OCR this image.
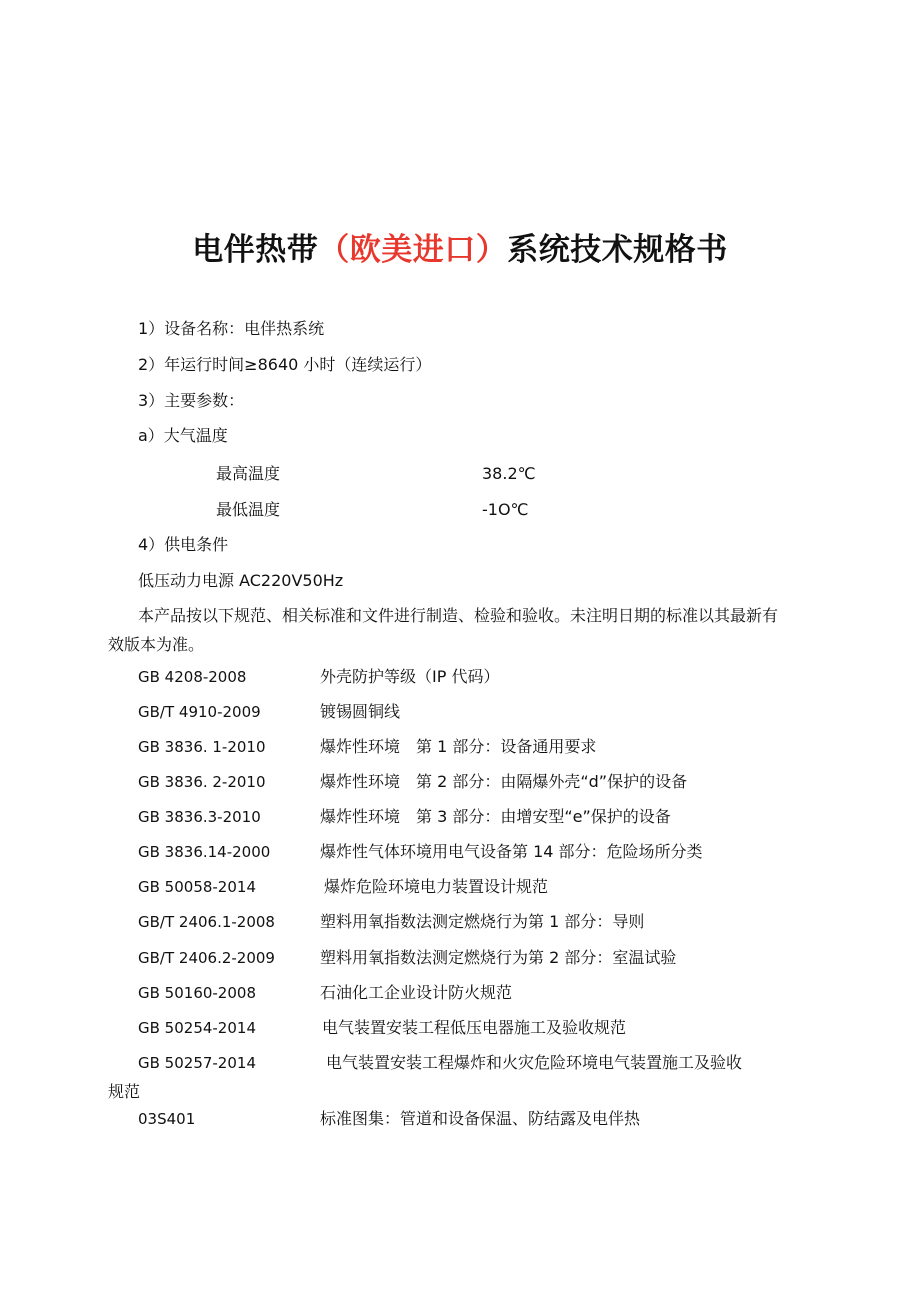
电伴热带（欧美进口）系统技术规格书
1）设备名称：电伴热系统
2）年运行时间≥8640 小时（连续运行）
3）主要参数：
a）大气温度
最高温度	38.2℃
最低温度	-1O℃
4）供电条件
低压动力电源 AC220V50Hz
本产品按以下规范、相关标准和文件进行制造、检验和验收。未注明日期的标准以其最新有效版本为准。
GB 4208-2008	外壳防护等级（IP 代码）
GB/T 4910-2009	镀锡圆铜线
GB 3836. 1-2010	爆炸性环境　第 1 部分：设备通用要求
GB 3836. 2-2010	爆炸性环境　第 2 部分：由隔爆外壳“d”保护的设备
GB 3836.3-2010	爆炸性环境　第 3 部分：由增安型“e”保护的设备
GB 3836.14-2000	爆炸性气体环境用电气设备第 14 部分：危险场所分类
GB 50058-2014	爆炸危险环境电力装置设计规范
GB/T 2406.1-2008	塑料用氧指数法测定燃烧行为第 1 部分：导则
GB/T 2406.2-2009	塑料用氧指数法测定燃烧行为第 2 部分：室温试验
GB 50160-2008	石油化工企业设计防火规范
GB 50254-2014	电气装置安装工程低压电器施工及验收规范
GB 50257-2014	电气装置安装工程爆炸和火灾危险环境电气装置施工及验收
规范
03S401	标准图集：管道和设备保温、防结露及电伴热
